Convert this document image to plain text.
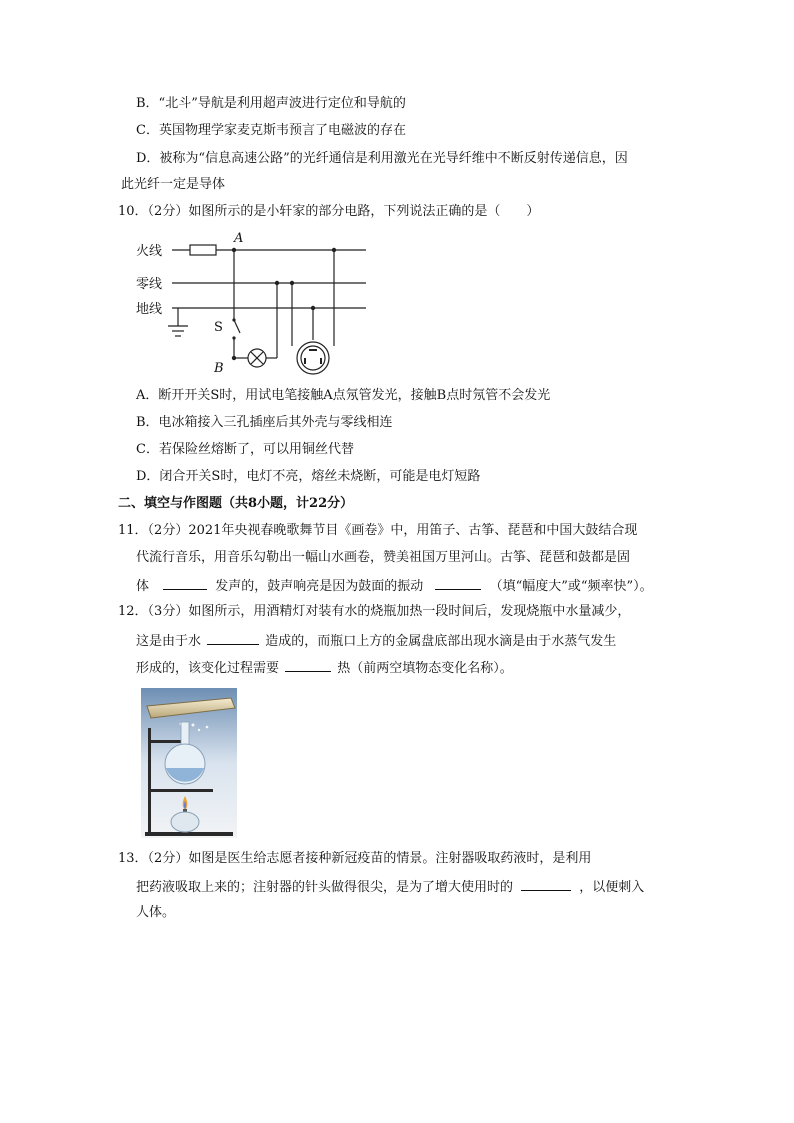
B．“北斗”导航是利用超声波进行定位和导航的
C．英国物理学家麦克斯韦预言了电磁波的存在
D．被称为“信息高速公路”的光纤通信是利用激光在光导纤维中不断反射传递信息，因
此光纤一定是导体
10．（2分）如图所示的是小轩家的部分电路，下列说法正确的是（　　）
火线
零线
地线
A
S
B
A．断开开关S时，用试电笔接触A点氖管发光，接触B点时氖管不会发光
B．电冰箱接入三孔插座后其外壳与零线相连
C．若保险丝熔断了，可以用铜丝代替
D．闭合开关S时，电灯不亮，熔丝未烧断，可能是电灯短路
二、填空与作图题（共8小题，计22分）
11．（2分）2021年央视春晚歌舞节目《画卷》中，用笛子、古筝、琵琶和中国大鼓结合现
代流行音乐，用音乐勾勒出一幅山水画卷，赞美祖国万里河山。古筝、琵琶和鼓都是固
体	发声的，鼓声响亮是因为鼓面的振动	（填“幅度大”或“频率快”）。
12．（3分）如图所示，用酒精灯对装有水的烧瓶加热一段时间后，发现烧瓶中水量减少，
这是由于水	造成的，而瓶口上方的金属盘底部出现水滴是由于水蒸气发生
形成的，该变化过程需要	热（前两空填物态变化名称）。
13．（2分）如图是医生给志愿者接种新冠疫苗的情景。注射器吸取药液时，是利用
把药液吸取上来的；注射器的针头做得很尖，是为了增大使用时的	，以便刺入
人体。
